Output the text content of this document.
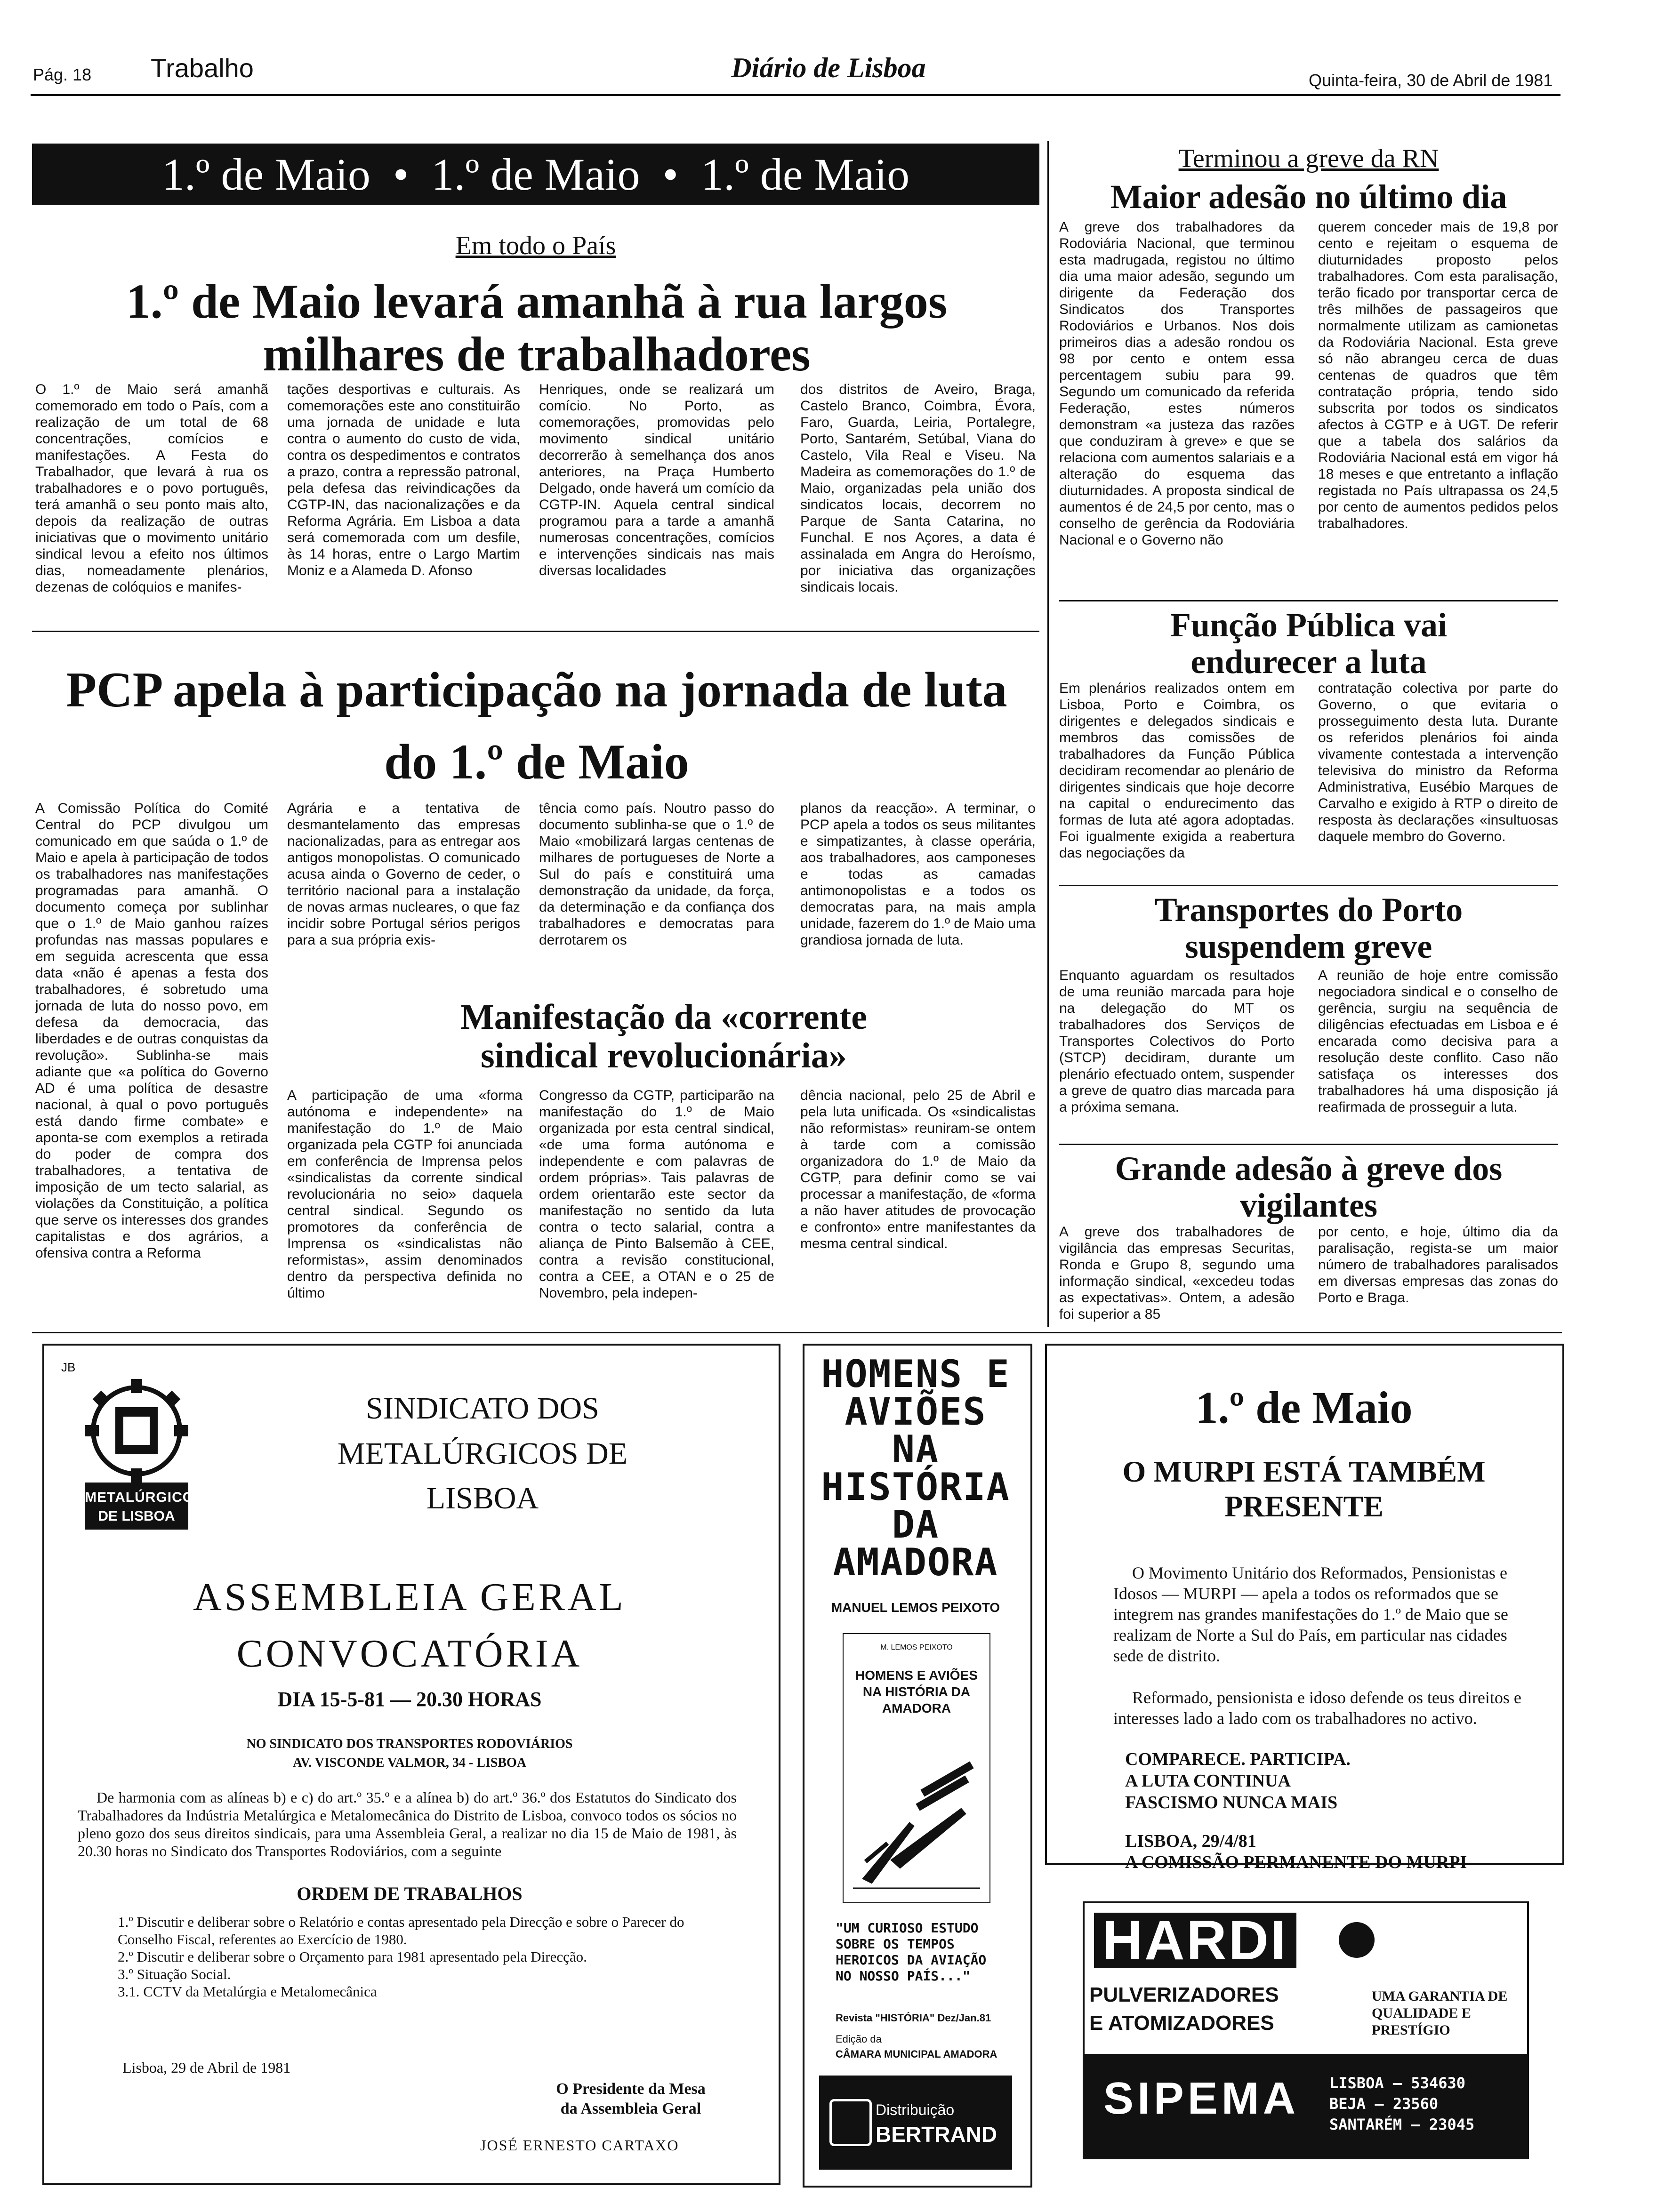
Pág. 18 Trabalho	Diário de Lisboa	Quinta-feira, 30 de Abril de 1981
1.º de Maio  •  1.º de Maio  •  1.º de Maio
Em todo o País
1.º de Maio levará amanhã à rua largos milhares de trabalhadores
O 1.º de Maio será amanhã comemorado em todo o País, com a realização de um total de 68 concentrações, comícios e manifestações. A Festa do Trabalhador, que levará à rua os trabalhadores e o povo português, terá amanhã o seu ponto mais alto, depois da realização de outras iniciativas que o movimento unitário sindical levou a efeito nos últimos dias, nomeadamente plenários, dezenas de colóquios e manifes-
tações desportivas e culturais. As comemorações este ano constituirão uma jornada de unidade e luta contra o aumento do custo de vida, contra os despedimentos e contratos a prazo, contra a repressão patronal, pela defesa das reivindicações da CGTP-IN, das nacionalizações e da Reforma Agrária. Em Lisboa a data será comemorada com um desfile, às 14 horas, entre o Largo Martim Moniz e a Alameda D. Afonso
Henriques, onde se realizará um comício. No Porto, as comemorações, promovidas pelo movimento sindical unitário decorrerão à semelhança dos anos anteriores, na Praça Humberto Delgado, onde haverá um comício da CGTP-IN. Aquela central sindical programou para a tarde a amanhã numerosas concentrações, comícios e intervenções sindicais nas mais diversas localidades
dos distritos de Aveiro, Braga, Castelo Branco, Coimbra, Évora, Faro, Guarda, Leiria, Portalegre, Porto, Santarém, Setúbal, Viana do Castelo, Vila Real e Viseu. Na Madeira as comemorações do 1.º de Maio, organizadas pela união dos sindicatos locais, decorrem no Parque de Santa Catarina, no Funchal. E nos Açores, a data é assinalada em Angra do Heroísmo, por iniciativa das organizações sindicais locais.
PCP apela à participação na jornada de luta do 1.º de Maio
A Comissão Política do Comité Central do PCP divulgou um comunicado em que saúda o 1.º de Maio e apela à participação de todos os trabalhadores nas manifestações programadas para amanhã. O documento começa por sublinhar que o 1.º de Maio ganhou raízes profundas nas massas populares e em seguida acrescenta que essa data «não é apenas a festa dos trabalhadores, é sobretudo uma jornada de luta do nosso povo, em defesa da democracia, das liberdades e de outras conquistas da revolução». Sublinha-se mais adiante que «a política do Governo AD é uma política de desastre nacional, à qual o povo português está dando firme combate» e aponta-se com exemplos a retirada do poder de compra dos trabalhadores, a tentativa de imposição de um tecto salarial, as violações da Constituição, a política que serve os interesses dos grandes capitalistas e dos agrários, a ofensiva contra a Reforma
Agrária e a tentativa de desmantelamento das empresas nacionalizadas, para as entregar aos antigos monopolistas. O comunicado acusa ainda o Governo de ceder, o território nacional para a instalação de novas armas nucleares, o que faz incidir sobre Portugal sérios perigos para a sua própria exis-
tência como país. Noutro passo do documento sublinha-se que o 1.º de Maio «mobilizará largas centenas de milhares de portugueses de Norte a Sul do país e constituirá uma demonstração da unidade, da força, da determinação e da confiança dos trabalhadores e democratas para derrotarem os
planos da reacção». A terminar, o PCP apela a todos os seus militantes e simpatizantes, à classe operária, aos trabalhadores, aos camponeses e todas as camadas antimonopolistas e a todos os democratas para, na mais ampla unidade, fazerem do 1.º de Maio uma grandiosa jornada de luta.
Manifestação da «corrente sindical revolucionária»
A participação de uma «forma autónoma e independente» na manifestação do 1.º de Maio organizada pela CGTP foi anunciada em conferência de Imprensa pelos «sindicalistas da corrente sindical revolucionária no seio» daquela central sindical. Segundo os promotores da conferência de Imprensa os «sindicalistas não reformistas», assim denominados dentro da perspectiva definida no último
Congresso da CGTP, participarão na manifestação do 1.º de Maio organizada por esta central sindical, «de uma forma autónoma e independente e com palavras de ordem próprias». Tais palavras de ordem orientarão este sector da manifestação no sentido da luta contra o tecto salarial, contra a aliança de Pinto Balsemão à CEE, contra a revisão constitucional, contra a CEE, a OTAN e o 25 de Novembro, pela indepen-
dência nacional, pelo 25 de Abril e pela luta unificada. Os «sindicalistas não reformistas» reuniram-se ontem à tarde com a comissão organizadora do 1.º de Maio da CGTP, para definir como se vai processar a manifestação, de «forma a não haver atitudes de provocação e confronto» entre manifestantes da mesma central sindical.
Terminou a greve da RN
Maior adesão no último dia
A greve dos trabalhadores da Rodoviária Nacional, que terminou esta madrugada, registou no último dia uma maior adesão, segundo um dirigente da Federação dos Sindicatos dos Transportes Rodoviários e Urbanos. Nos dois primeiros dias a adesão rondou os 98 por cento e ontem essa percentagem subiu para 99. Segundo um comunicado da referida Federação, estes números demonstram «a justeza das razões que conduziram à greve» e que se relaciona com aumentos salariais e a alteração do esquema das diuturnidades. A proposta sindical de aumentos é de 24,5 por cento, mas o conselho de gerência da Rodoviária Nacional e o Governo não
querem conceder mais de 19,8 por cento e rejeitam o esquema de diuturnidades proposto pelos trabalhadores. Com esta paralisação, terão ficado por transportar cerca de três milhões de passageiros que normalmente utilizam as camionetas da Rodoviária Nacional. Esta greve só não abrangeu cerca de duas centenas de quadros que têm contratação própria, tendo sido subscrita por todos os sindicatos afectos à CGTP e à UGT. De referir que a tabela dos salários da Rodoviária Nacional está em vigor há 18 meses e que entretanto a inflação registada no País ultrapassa os 24,5 por cento de aumentos pedidos pelos trabalhadores.
Função Pública vai endurecer a luta
Em plenários realizados ontem em Lisboa, Porto e Coimbra, os dirigentes e delegados sindicais e membros das comissões de trabalhadores da Função Pública decidiram recomendar ao plenário de dirigentes sindicais que hoje decorre na capital o endurecimento das formas de luta até agora adoptadas. Foi igualmente exigida a reabertura das negociações da
contratação colectiva por parte do Governo, o que evitaria o prosseguimento desta luta. Durante os referidos plenários foi ainda vivamente contestada a intervenção televisiva do ministro da Reforma Administrativa, Eusébio Marques de Carvalho e exigido à RTP o direito de resposta às declarações «insultuosas daquele membro do Governo.
Transportes do Porto suspendem greve
Enquanto aguardam os resultados de uma reunião marcada para hoje na delegação do MT os trabalhadores dos Serviços de Transportes Colectivos do Porto (STCP) decidiram, durante um plenário efectuado ontem, suspender a greve de quatro dias marcada para a próxima semana.
A reunião de hoje entre comissão negociadora sindical e o conselho de gerência, surgiu na sequência de diligências efectuadas em Lisboa e é encarada como decisiva para a resolução deste conflito. Caso não satisfaça os interesses dos trabalhadores há uma disposição já reafirmada de prosseguir a luta.
Grande adesão à greve dos vigilantes
A greve dos trabalhadores de vigilância das empresas Securitas, Ronda e Grupo 8, segundo uma informação sindical, «excedeu todas as expectativas». Ontem, a adesão foi superior a 85
por cento, e hoje, último dia da paralisação, regista-se um maior número de trabalhadores paralisados em diversas empresas das zonas do Porto e Braga.
JB
METALÚRGICOS
DE LISBOA
SINDICATO DOS METALÚRGICOS DE LISBOA
ASSEMBLEIA GERAL
CONVOCATÓRIA
DIA 15-5-81 — 20.30 HORAS
NO SINDICATO DOS TRANSPORTES RODOVIÁRIOS
AV. VISCONDE VALMOR, 34 - LISBOA
De harmonia com as alíneas b) e c) do art.º 35.º e a alínea b) do art.º 36.º dos Estatutos do Sindicato dos Trabalhadores da Indústria Metalúrgica e Metalomecânica do Distrito de Lisboa, convoco todos os sócios no pleno gozo dos seus direitos sindicais, para uma Assembleia Geral, a realizar no dia 15 de Maio de 1981, às 20.30 horas no Sindicato dos Transportes Rodoviários, com a seguinte
ORDEM DE TRABALHOS
1.º Discutir e deliberar sobre o Relatório e contas apresentado pela Direcção e sobre o Parecer do Conselho Fiscal, referentes ao Exercício de 1980.
2.º Discutir e deliberar sobre o Orçamento para 1981 apresentado pela Direcção.
3.º Situação Social.
3.1. CCTV da Metalúrgia e Metalomecânica
Lisboa, 29 de Abril de 1981
O Presidente da Mesa
da Assembleia Geral
JOSÉ ERNESTO CARTAXO
HOMENS E AVIÕES NA HISTÓRIA DA AMADORA
MANUEL LEMOS PEIXOTO
M. LEMOS PEIXOTO
HOMENS E AVIÕES NA HISTÓRIA DA AMADORA
"UM CURIOSO ESTUDO SOBRE OS TEMPOS HEROICOS DA AVIAÇÃO NO NOSSO PAÍS..."
Revista "HISTÓRIA" Dez/Jan.81
Edição da
CÂMARA MUNICIPAL AMADORA
Distribuição
BERTRAND
1.º de Maio
O MURPI ESTÁ TAMBÉM PRESENTE
O Movimento Unitário dos Reformados, Pensionistas e Idosos — MURPI — apela a todos os reformados que se integrem nas grandes manifestações do 1.º de Maio que se realizam de Norte a Sul do País, em particular nas cidades sede de distrito.
Reformado, pensionista e idoso defende os teus direitos e interesses lado a lado com os trabalhadores no activo.
COMPARECE. PARTICIPA.
A LUTA CONTINUA
FASCISMO NUNCA MAIS
LISBOA, 29/4/81
A COMISSÃO PERMANENTE DO MURPI
HARDI
PULVERIZADORES
E ATOMIZADORES
UMA GARANTIA DE QUALIDADE E PRESTÍGIO
SIPEMA LISBOA — 534630
BEJA — 23560
SANTARÉM — 23045
